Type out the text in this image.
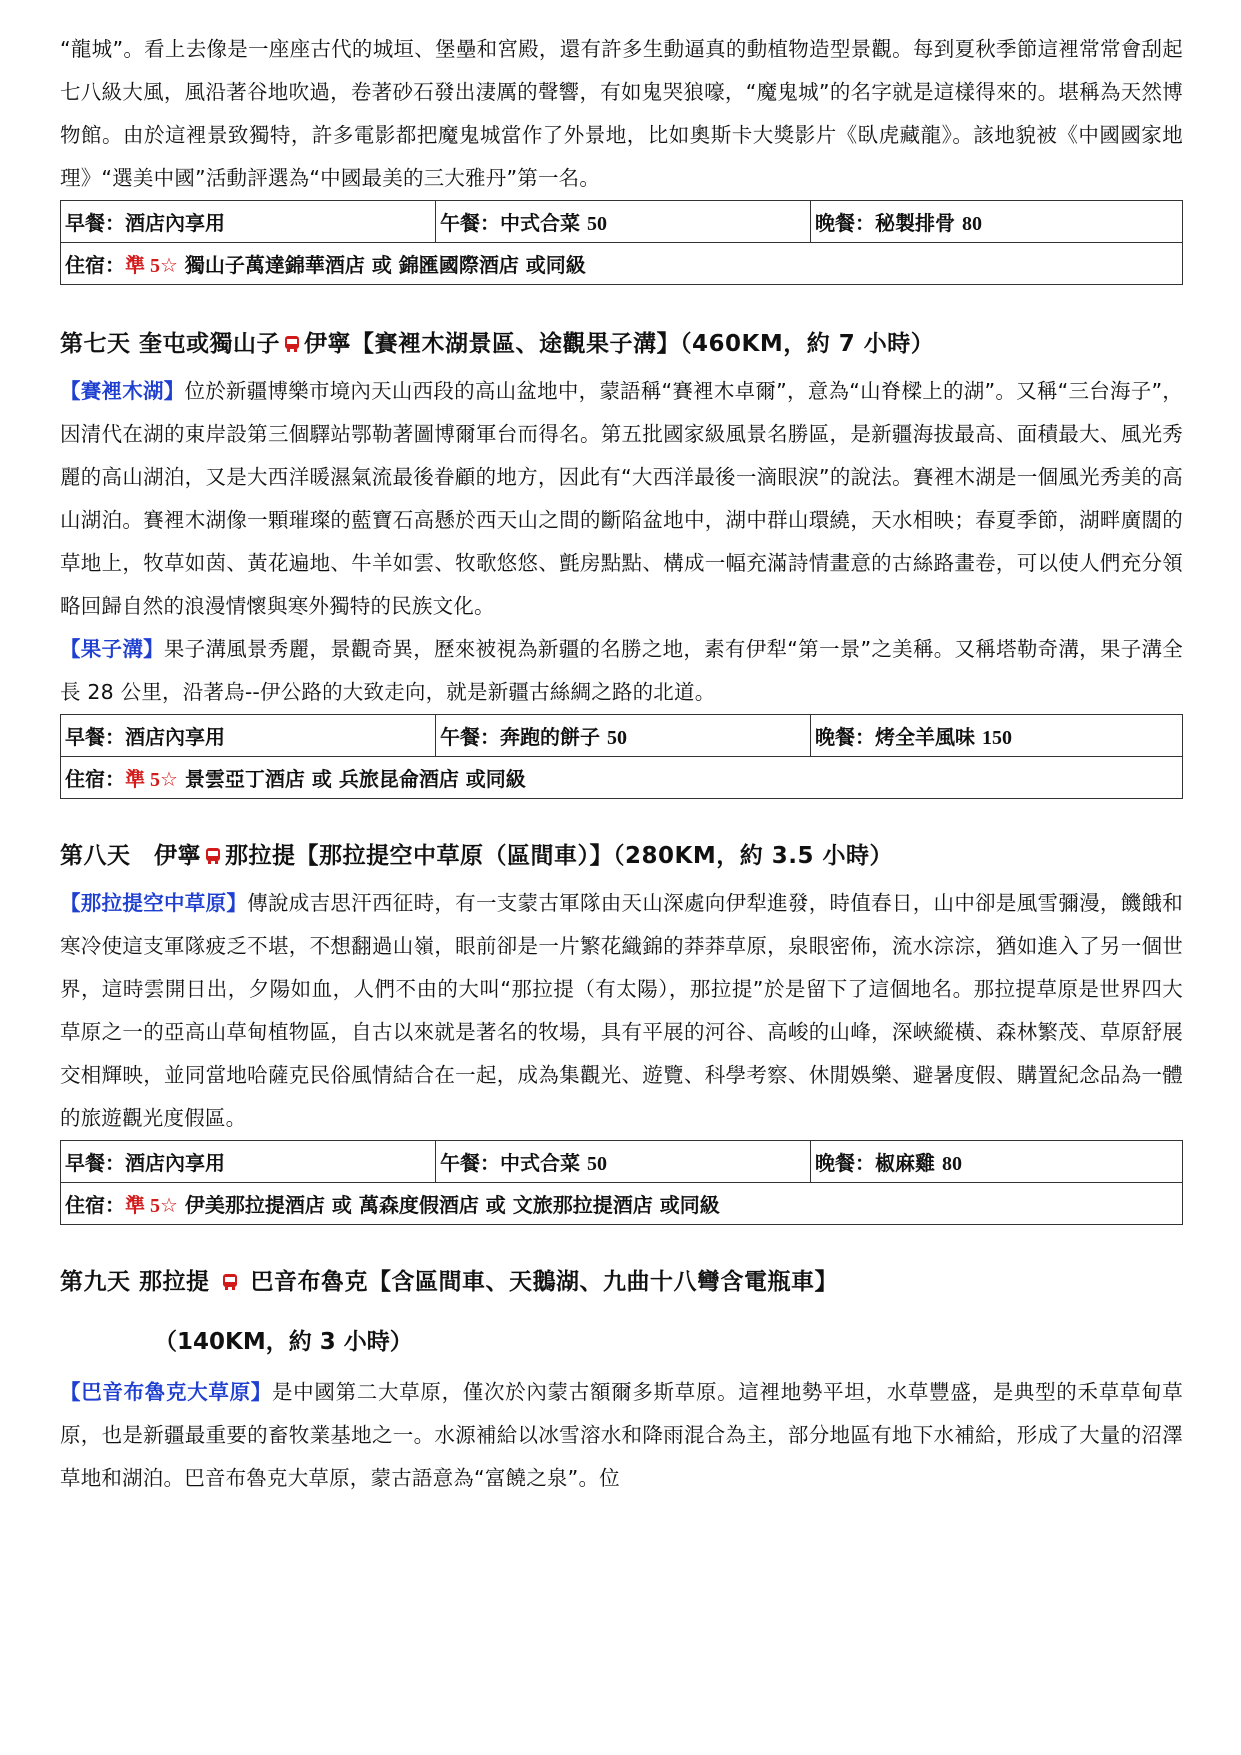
“龍城”。看上去像是一座座古代的城垣、堡壘和宮殿，還有許多生動逼真的動植物造型景觀。每到夏秋季節這裡常常會刮起七八級大風，風沿著谷地吹過，卷著砂石發出淒厲的聲響，有如鬼哭狼嚎，“魔鬼城”的名字就是這樣得來的。堪稱為天然博物館。由於這裡景致獨特，許多電影都把魔鬼城當作了外景地，比如奧斯卡大獎影片《臥虎藏龍》。該地貌被《中國國家地理》“選美中國”活動評選為“中國最美的三大雅丹”第一名。

早餐：酒店內享用	午餐：中式合菜 50	晚餐：秘製排骨 80
住宿：準 5☆ 獨山子萬達錦華酒店 或 錦匯國際酒店 或同級
第七天 奎屯或獨山子 伊寧【賽裡木湖景區、途觀果子溝】（460KM，約 7 小時）

【賽裡木湖】位於新疆博樂市境內天山西段的高山盆地中，蒙語稱“賽裡木卓爾”，意為“山脊樑上的湖”。又稱“三台海子”，因清代在湖的東岸設第三個驛站鄂勒著圖博爾軍台而得名。第五批國家級風景名勝區，是新疆海拔最高、面積最大、風光秀麗的高山湖泊，又是大西洋暖濕氣流最後眷顧的地方，因此有“大西洋最後一滴眼淚”的說法。賽裡木湖是一個風光秀美的高山湖泊。賽裡木湖像一顆璀璨的藍寶石高懸於西天山之間的斷陷盆地中，湖中群山環繞，天水相映；春夏季節，湖畔廣闊的草地上，牧草如茵、黃花遍地、牛羊如雲、牧歌悠悠、氈房點點、構成一幅充滿詩情畫意的古絲路畫卷，可以使人們充分領略回歸自然的浪漫情懷與寒外獨特的民族文化。

【果子溝】果子溝風景秀麗，景觀奇異，歷來被視為新疆的名勝之地，素有伊犁“第一景”之美稱。又稱塔勒奇溝，果子溝全長 28 公里，沿著烏--伊公路的大致走向，就是新疆古絲綢之路的北道。

早餐：酒店內享用	午餐：奔跑的餅子 50	晚餐：烤全羊風味 150
住宿：準 5☆ 景雲亞丁酒店 或 兵旅昆侖酒店 或同級
第八天　伊寧 那拉提【那拉提空中草原（區間車）】（280KM，約 3.5 小時）

【那拉提空中草原】傳說成吉思汗西征時，有一支蒙古軍隊由天山深處向伊犁進發，時值春日，山中卻是風雪彌漫，饑餓和寒冷使這支軍隊疲乏不堪，不想翻過山嶺，眼前卻是一片繁花織錦的莽莽草原，泉眼密佈，流水淙淙，猶如進入了另一個世界，這時雲開日出，夕陽如血，人們不由的大叫“那拉提（有太陽），那拉提”於是留下了這個地名。那拉提草原是世界四大草原之一的亞高山草甸植物區，自古以來就是著名的牧場，具有平展的河谷、高峻的山峰，深峽縱橫、森林繁茂、草原舒展交相輝映，並同當地哈薩克民俗風情結合在一起，成為集觀光、遊覽、科學考察、休閒娛樂、避暑度假、購置紀念品為一體的旅遊觀光度假區。

早餐：酒店內享用	午餐：中式合菜 50	晚餐：椒麻雞 80
住宿：準 5☆ 伊美那拉提酒店 或 萬森度假酒店 或 文旅那拉提酒店 或同級
第九天 那拉提
巴音布魯克【含區間車、天鵝湖、九曲十八彎含電瓶車】

（140KM，約 3 小時）

【巴音布魯克大草原】是中國第二大草原，僅次於內蒙古額爾多斯草原。這裡地勢平坦，水草豐盛，是典型的禾草草甸草原，也是新疆最重要的畜牧業基地之一。水源補給以冰雪溶水和降雨混合為主，部分地區有地下水補給，形成了大量的沼澤草地和湖泊。巴音布魯克大草原，蒙古語意為“富饒之泉”。位
